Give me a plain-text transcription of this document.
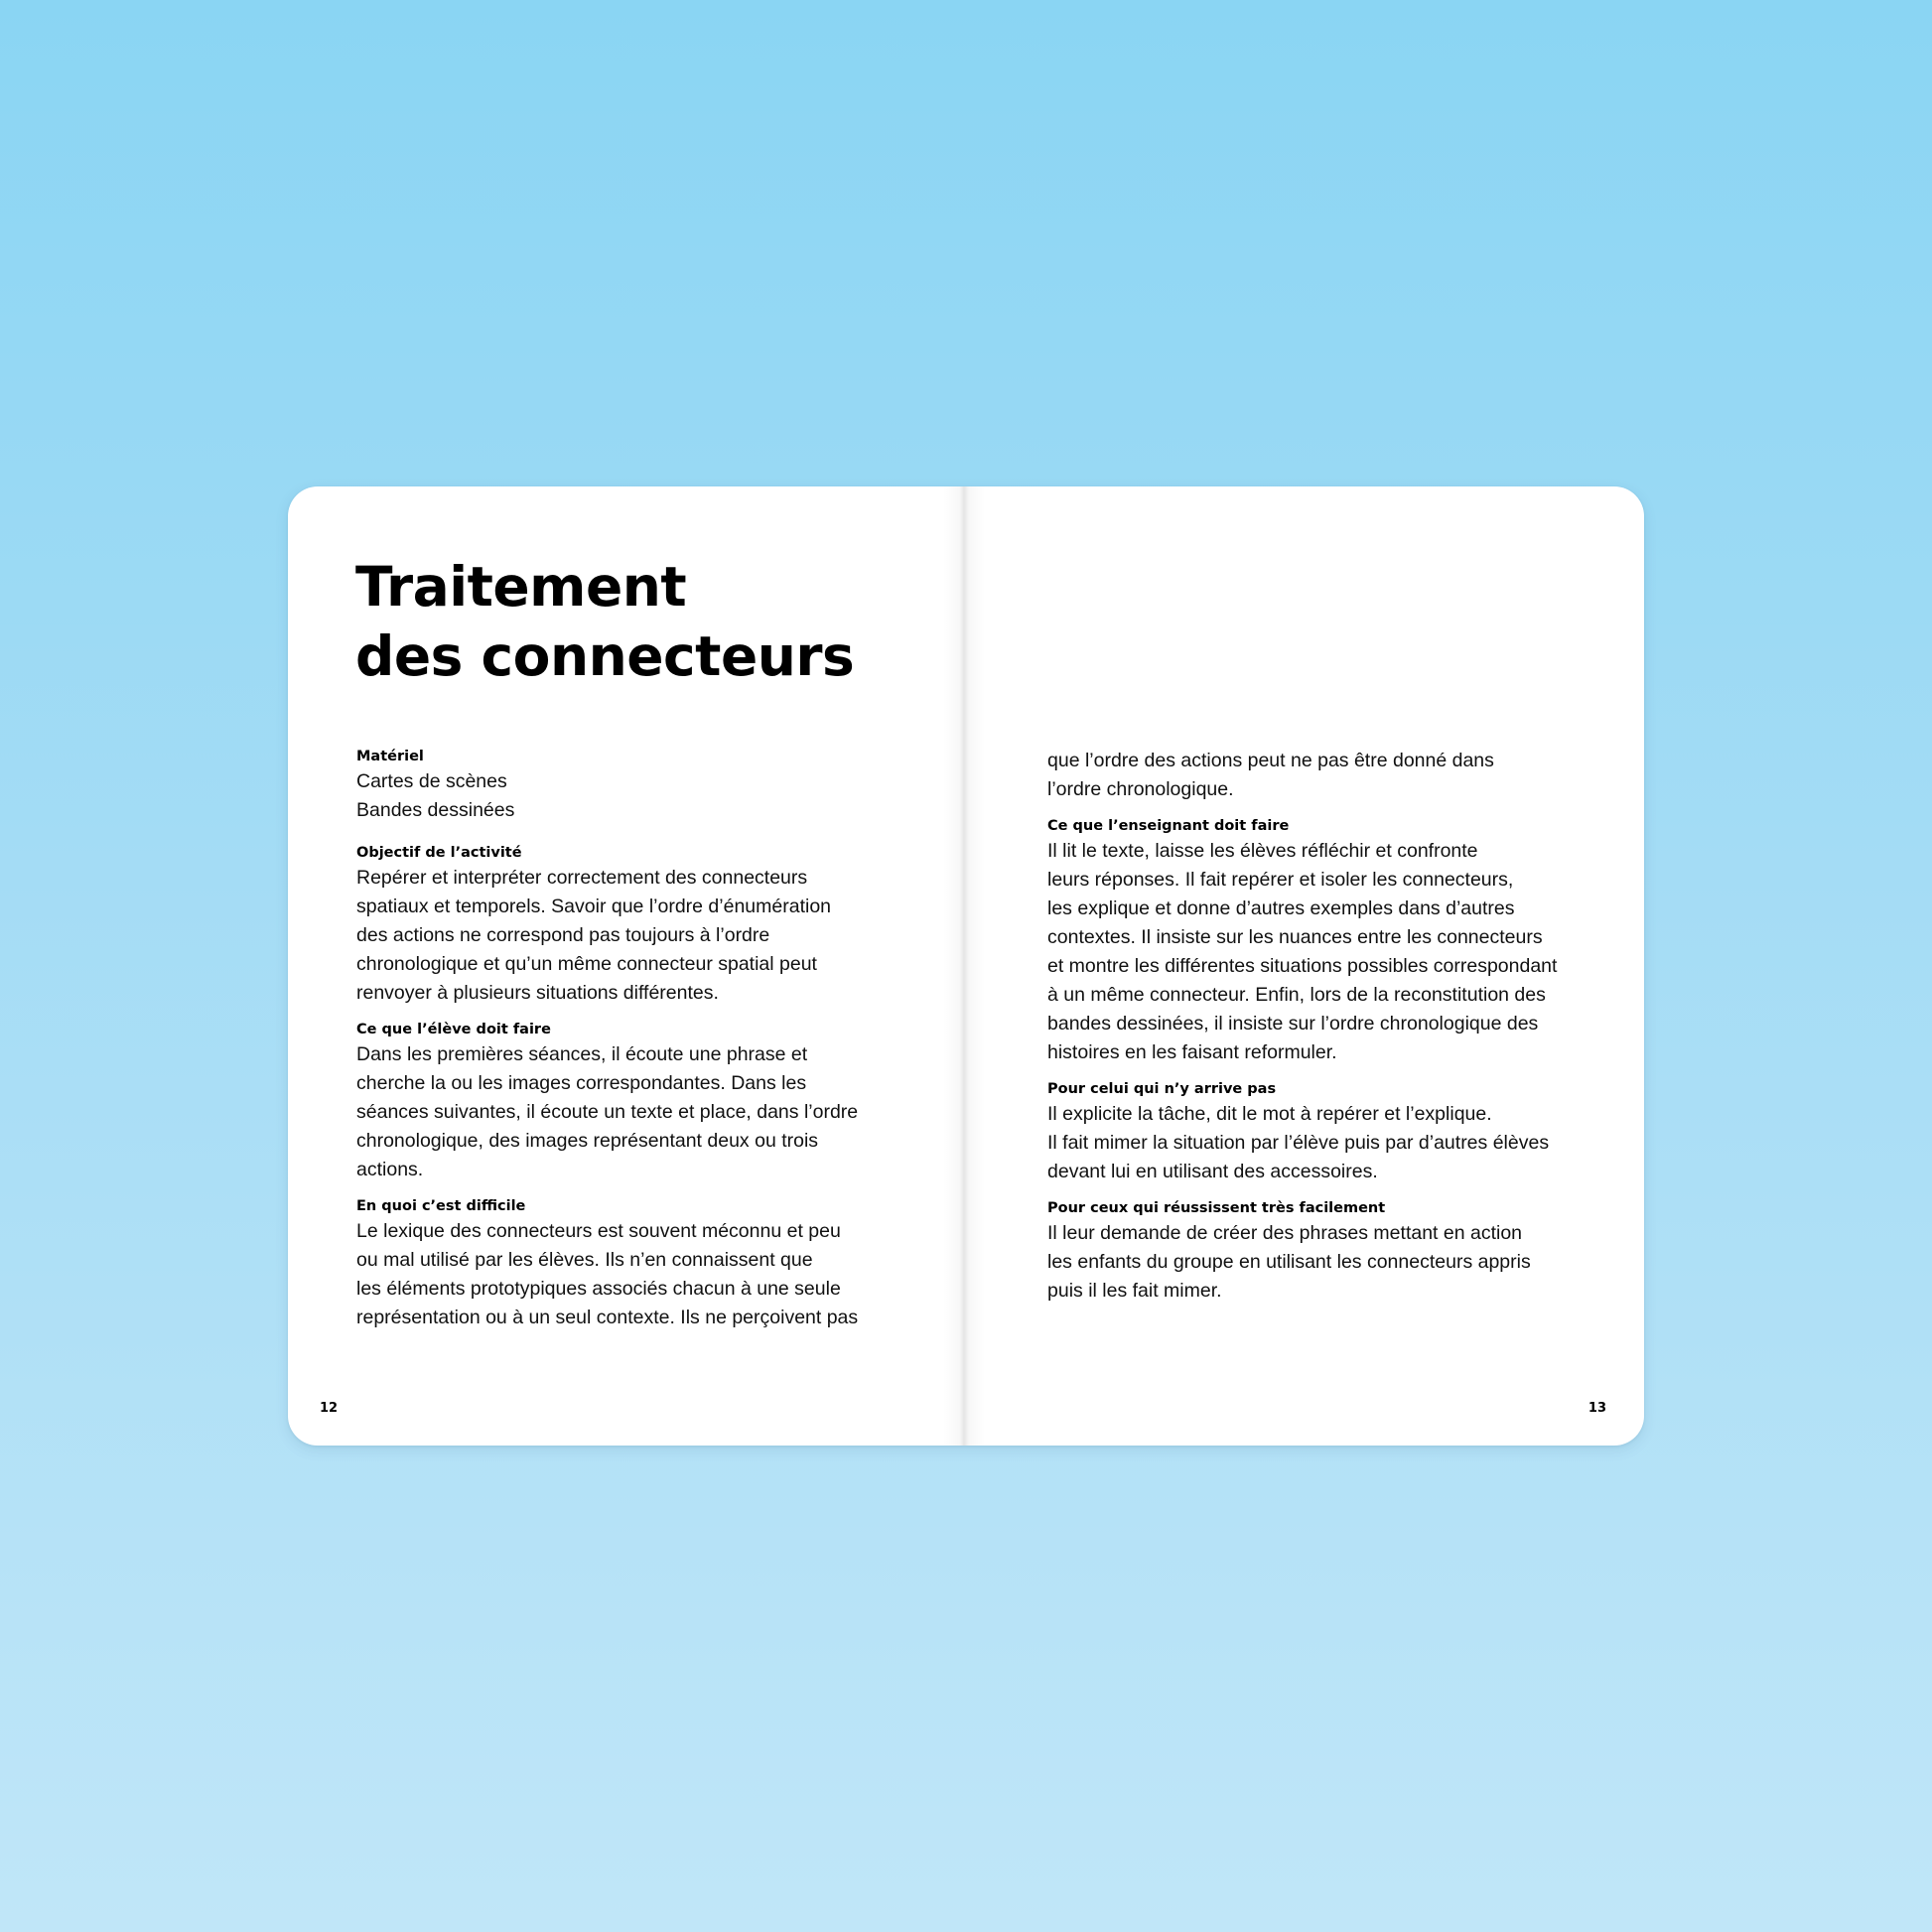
Traitement
des connecteurs
Matériel
Cartes de scènes
Bandes dessinées
Objectif de l’activité
Repérer et interpréter correctement des connecteurs
spatiaux et temporels. Savoir que l’ordre d’énumération
des actions ne correspond pas toujours à l’ordre
chronologique et qu’un même connecteur spatial peut
renvoyer à plusieurs situations différentes.
Ce que l’élève doit faire
Dans les premières séances, il écoute une phrase et
cherche la ou les images correspondantes. Dans les
séances suivantes, il écoute un texte et place, dans l’ordre
chronologique, des images représentant deux ou trois
actions.
En quoi c’est difficile
Le lexique des connecteurs est souvent méconnu et peu
ou mal utilisé par les élèves. Ils n’en connaissent que
les éléments prototypiques associés chacun à une seule
représentation ou à un seul contexte. Ils ne perçoivent pas
12
que l’ordre des actions peut ne pas être donné dans
l’ordre chronologique.
Ce que l’enseignant doit faire
Il lit le texte, laisse les élèves réfléchir et confronte
leurs réponses. Il fait repérer et isoler les connecteurs,
les explique et donne d’autres exemples dans d’autres
contextes. Il insiste sur les nuances entre les connecteurs
et montre les différentes situations possibles correspondant
à un même connecteur. Enfin, lors de la reconstitution des
bandes dessinées, il insiste sur l’ordre chronologique des
histoires en les faisant reformuler.
Pour celui qui n’y arrive pas
Il explicite la tâche, dit le mot à repérer et l’explique.
Il fait mimer la situation par l’élève puis par d’autres élèves
devant lui en utilisant des accessoires.
Pour ceux qui réussissent très facilement
Il leur demande de créer des phrases mettant en action
les enfants du groupe en utilisant les connecteurs appris
puis il les fait mimer.
13
